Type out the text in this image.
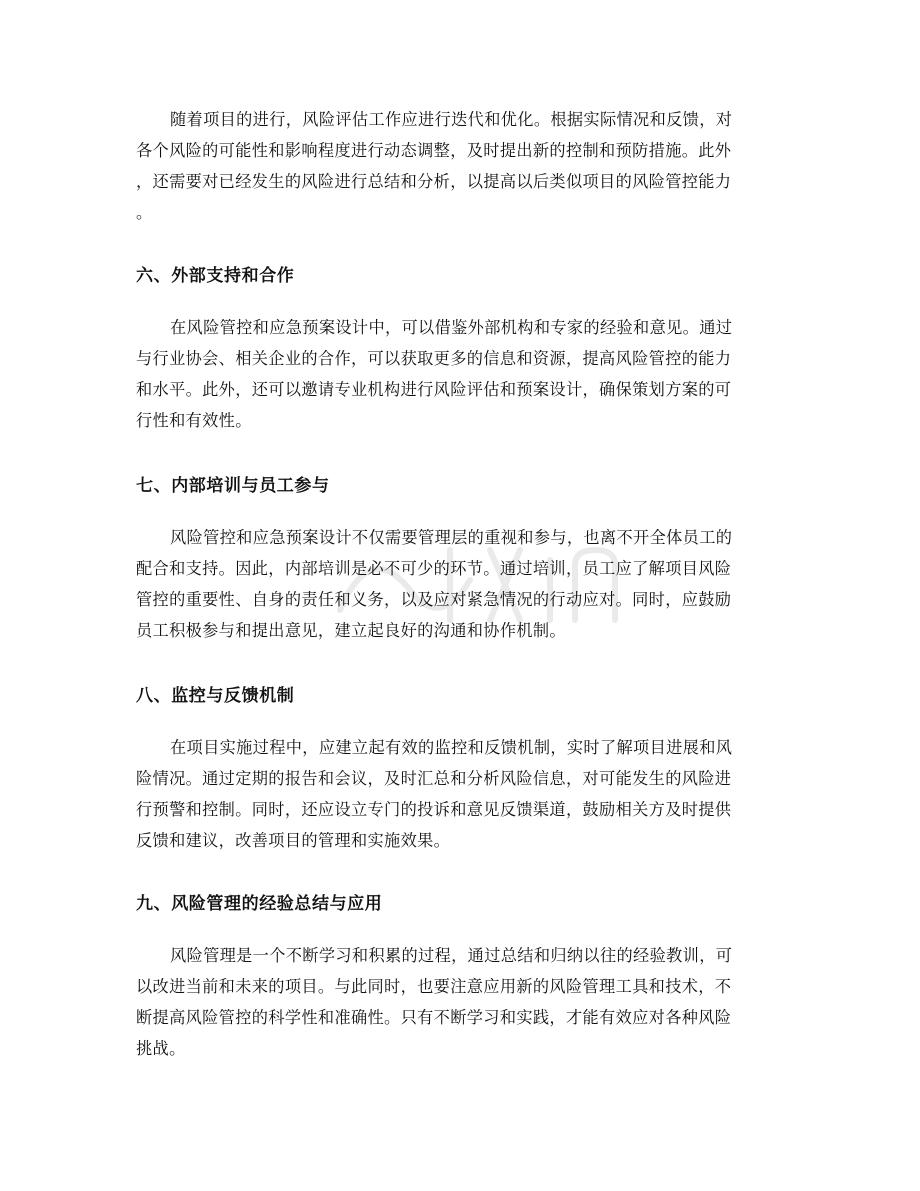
随着项目的进行，风险评估工作应进行迭代和优化。根据实际情况和反馈，对
各个风险的可能性和影响程度进行动态调整，及时提出新的控制和预防措施。此外
，还需要对已经发生的风险进行总结和分析，以提高以后类似项目的风险管控能力
。
六、外部支持和合作
在风险管控和应急预案设计中，可以借鉴外部机构和专家的经验和意见。通过
与行业协会、相关企业的合作，可以获取更多的信息和资源，提高风险管控的能力
和水平。此外，还可以邀请专业机构进行风险评估和预案设计，确保策划方案的可
行性和有效性。
七、内部培训与员工参与
风险管控和应急预案设计不仅需要管理层的重视和参与，也离不开全体员工的
配合和支持。因此，内部培训是必不可少的环节。通过培训，员工应了解项目风险
管控的重要性、自身的责任和义务，以及应对紧急情况的行动应对。同时，应鼓励
员工积极参与和提出意见，建立起良好的沟通和协作机制。
八、监控与反馈机制
在项目实施过程中，应建立起有效的监控和反馈机制，实时了解项目进展和风
险情况。通过定期的报告和会议，及时汇总和分析风险信息，对可能发生的风险进
行预警和控制。同时，还应设立专门的投诉和意见反馈渠道，鼓励相关方及时提供
反馈和建议，改善项目的管理和实施效果。
九、风险管理的经验总结与应用
风险管理是一个不断学习和积累的过程，通过总结和归纳以往的经验教训，可
以改进当前和未来的项目。与此同时，也要注意应用新的风险管理工具和技术，不
断提高风险管控的科学性和准确性。只有不断学习和实践，才能有效应对各种风险
挑战。
